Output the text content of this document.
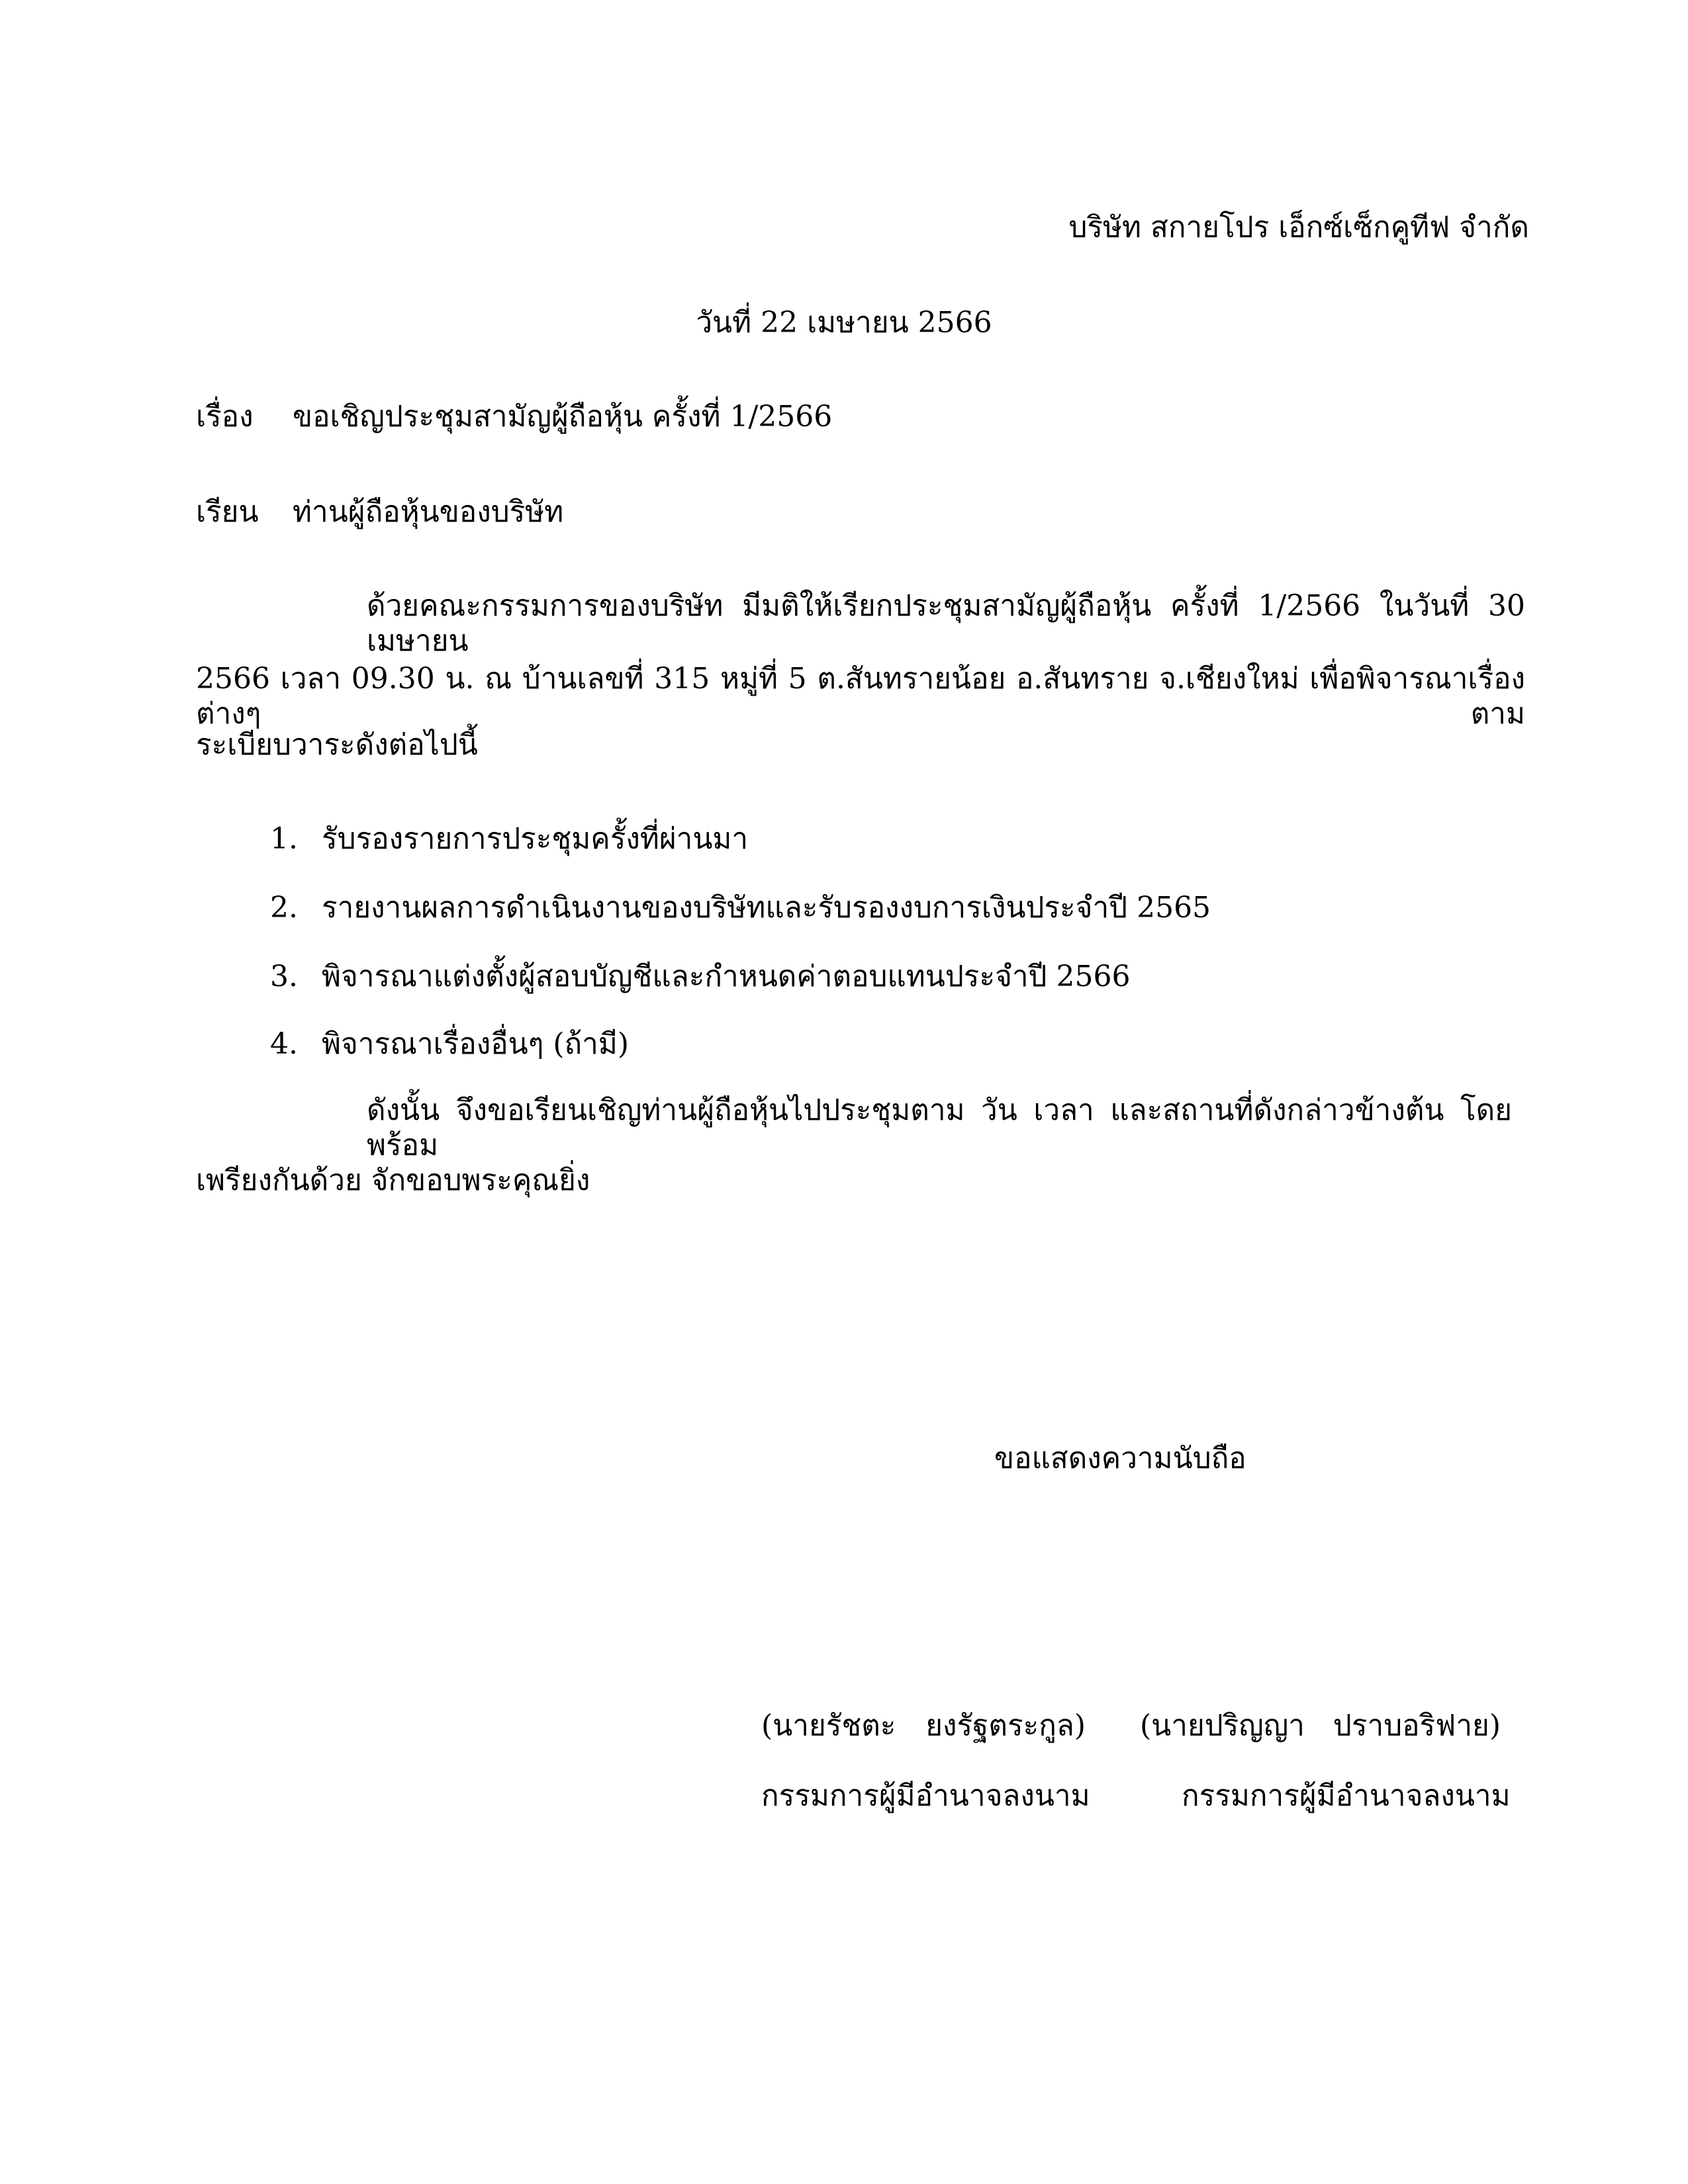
บริษัท สกายโปร เอ็กซ์เซ็กคูทีฟ จำกัด
วันที่ 22 เมษายน 2566
เรื่อง ขอเชิญประชุมสามัญผู้ถือหุ้น ครั้งที่ 1/2566
เรียน ท่านผู้ถือหุ้นของบริษัท
ด้วยคณะกรรมการของบริษัท มีมติให้เรียกประชุมสามัญผู้ถือหุ้น ครั้งที่ 1/2566 ในวันที่ 30 เมษายน
2566 เวลา 09.30 น. ณ บ้านเลขที่ 315 หมู่ที่ 5 ต.สันทรายน้อย อ.สันทราย จ.เชียงใหม่ เพื่อพิจารณาเรื่องต่างๆ ตาม
ระเบียบวาระดังต่อไปนี้
1. รับรองรายการประชุมครั้งที่ผ่านมา
2. รายงานผลการดำเนินงานของบริษัทและรับรองงบการเงินประจำปี 2565
3. พิจารณาแต่งตั้งผู้สอบบัญชีและกำหนดค่าตอบแทนประจำปี 2566
4. พิจารณาเรื่องอื่นๆ (ถ้ามี)
ดังนั้น จึงขอเรียนเชิญท่านผู้ถือหุ้นไปประชุมตาม วัน เวลา และสถานที่ดังกล่าวข้างต้น โดยพร้อม
เพรียงกันด้วย จักขอบพระคุณยิ่ง
ขอแสดงความนับถือ
(นายรัชตะ ยงรัฐตระกูล) (นายปริญญา ปราบอริฟาย)
กรรมการผู้มีอำนาจลงนาม	กรรมการผู้มีอำนาจลงนาม
